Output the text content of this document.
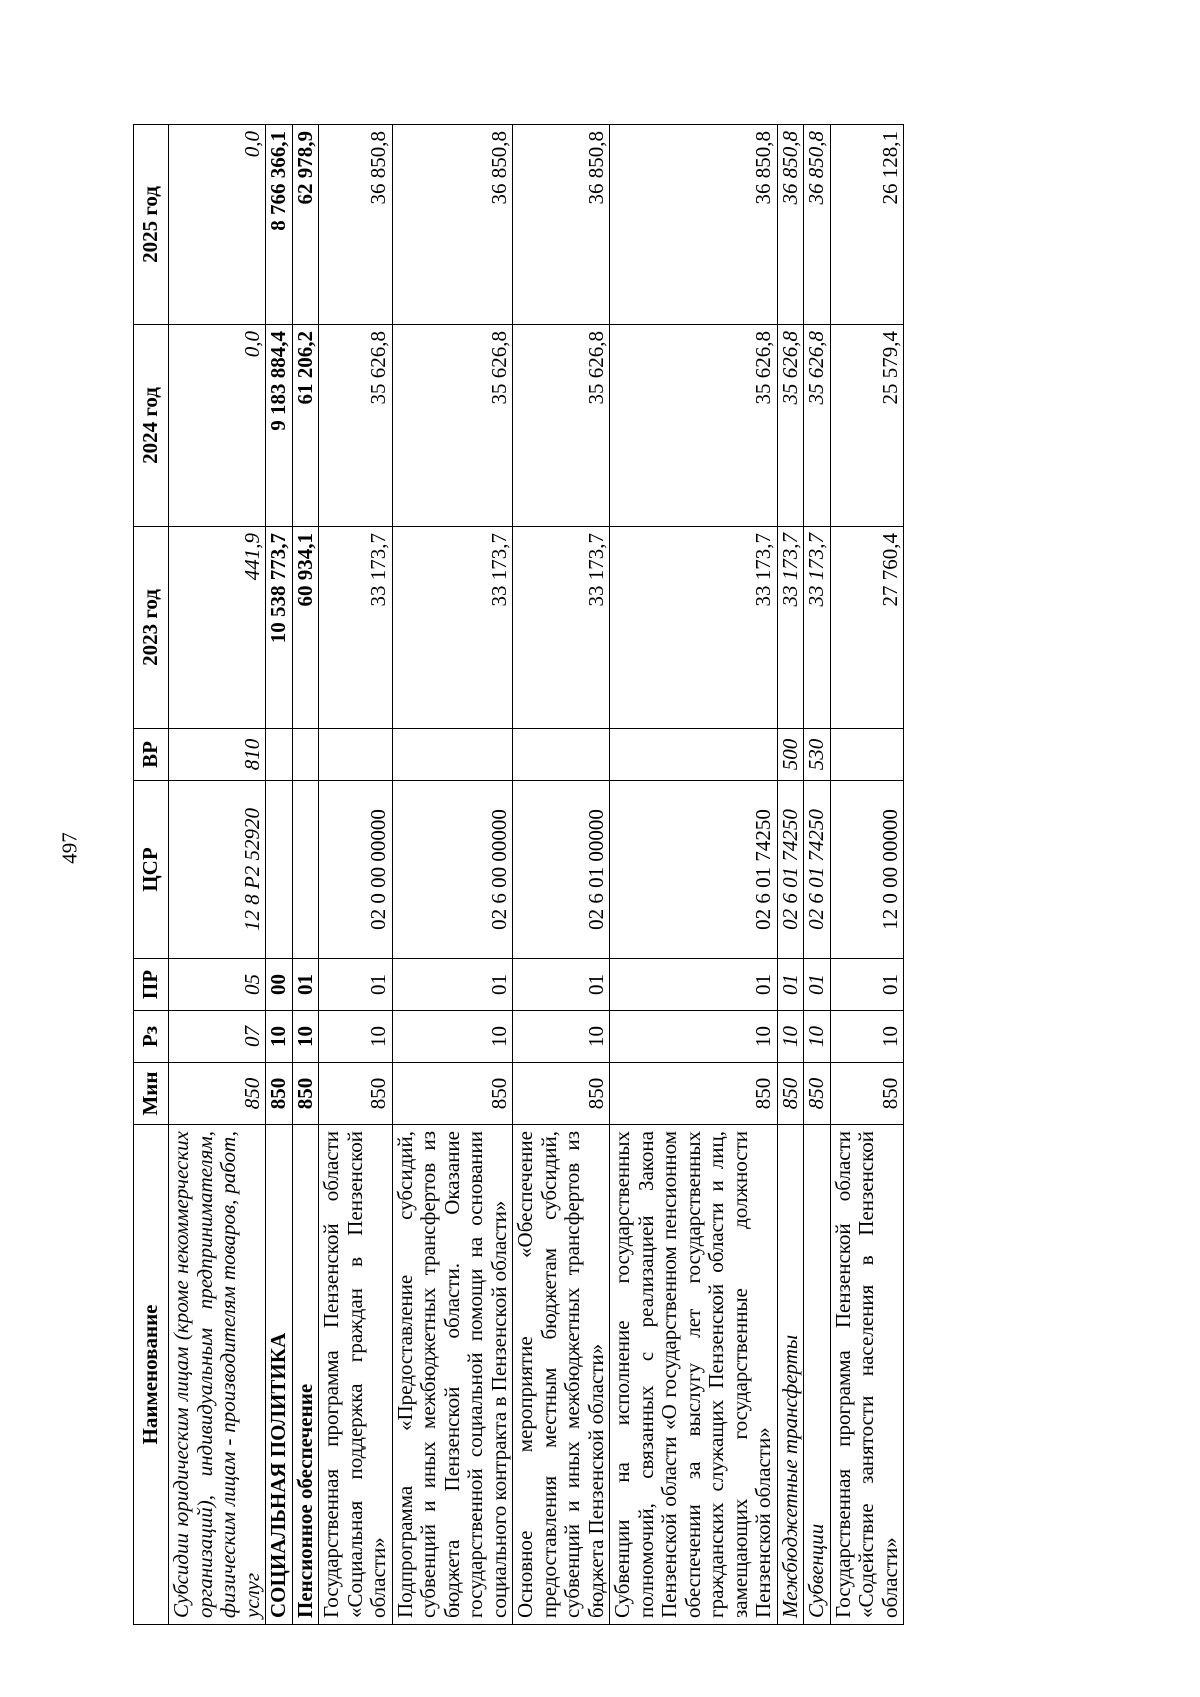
497
Наименование	Мин	Рз	ПР	ЦСР	ВР	2023 год	2024 год	2025 год
Субсидии юридическим лицам (кроме некоммерческих организаций), индивидуальным предпринимателям, физическим лицам - производителям товаров, работ, услуг	850	07	05	12 8 Р2 52920	810	441,9	0,0	0,0
СОЦИАЛЬНАЯ ПОЛИТИКА	850	10	00			10 538 773,7	9 183 884,4	8 766 366,1
Пенсионное обеспечение	850	10	01			60 934,1	61 206,2	62 978,9
Государственная программа Пензенской области «Социальная поддержка граждан в Пензенской области»	850	10	01	02 0 00 00000		33 173,7	35 626,8	36 850,8
Подпрограмма «Предоставление субсидий, субвенций и иных межбюджетных трансфертов из бюджета Пензенской области. Оказание государственной социальной помощи на основании социального контракта в Пензенской области»	850	10	01	02 6 00 00000		33 173,7	35 626,8	36 850,8
Основное мероприятие «Обеспечение предоставления местным бюджетам субсидий, субвенций и иных межбюджетных трансфертов из бюджета Пензенской области»	850	10	01	02 6 01 00000		33 173,7	35 626,8	36 850,8
Субвенции на исполнение государственных полномочий, связанных с реализацией Закона Пензенской области «О государственном пенсионном обеспечении за выслугу лет государственных гражданских служащих Пензенской области и лиц, замещающих государственные должности Пензенской области»	850	10	01	02 6 01 74250		33 173,7	35 626,8	36 850,8
Межбюджетные трансферты	850	10	01	02 6 01 74250	500	33 173,7	35 626,8	36 850,8
Субвенции	850	10	01	02 6 01 74250	530	33 173,7	35 626,8	36 850,8
Государственная программа Пензенской области «Содействие занятости населения в Пензенской области»	850	10	01	12 0 00 00000		27 760,4	25 579,4	26 128,1
